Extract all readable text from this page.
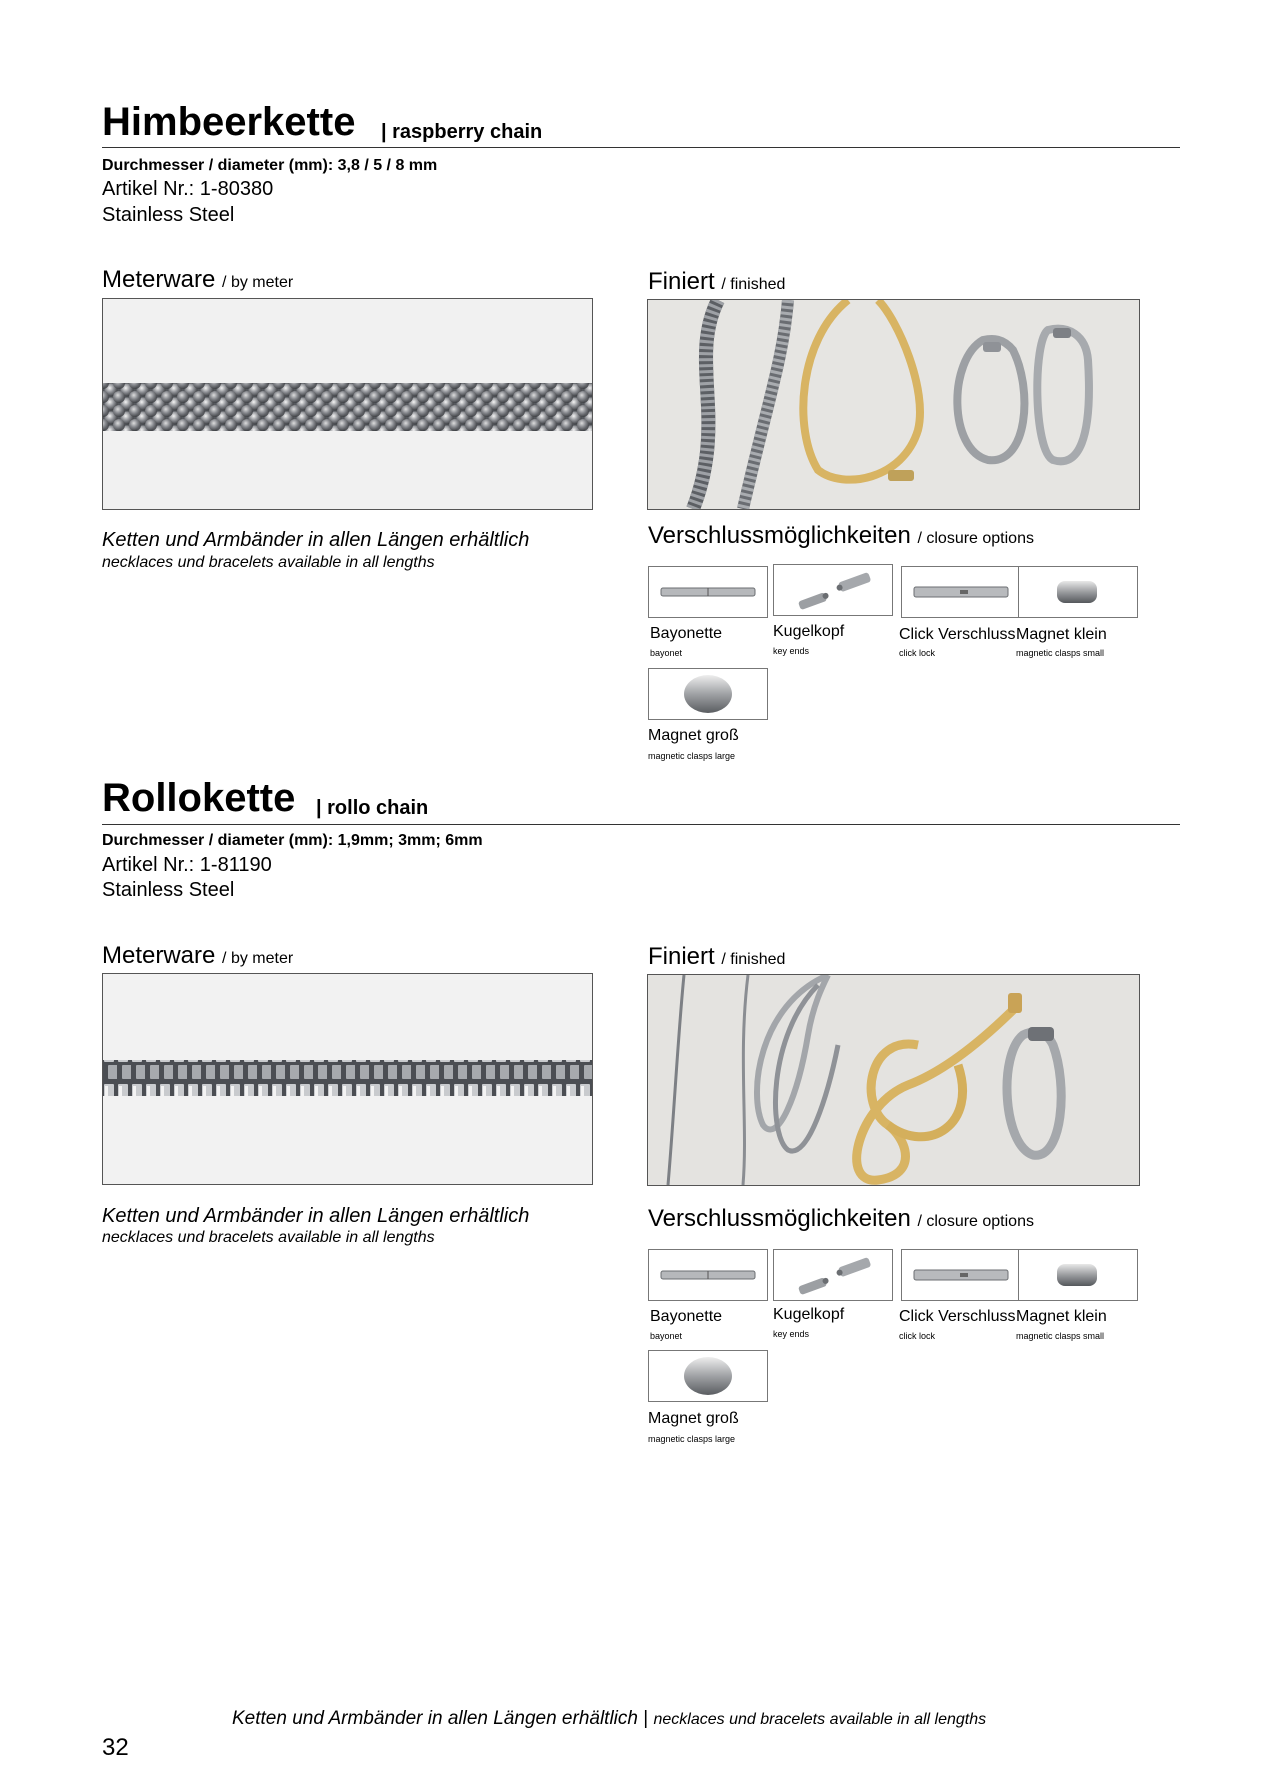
Himbeerkette | raspberry chain
Durchmesser / diameter (mm): 3,8 / 5 / 8 mm
Artikel Nr.: 1-80380
Stainless Steel
Meterware / by meter	Finiert / finished
Ketten und Armbänder in allen Längen erhältlich
necklaces und bracelets available in all lengths
Verschlussmöglichkeiten / closure options
Bayonette
bayonet
Kugelkopf
key ends
Click Verschluss
click lock
Magnet klein
magnetic clasps small
Magnet groß
magnetic clasps large
Rollokette | rollo chain
Durchmesser / diameter (mm): 1,9mm; 3mm; 6mm
Artikel Nr.: 1-81190
Stainless Steel
Meterware / by meter	Finiert / finished
Ketten und Armbänder in allen Längen erhältlich
necklaces und bracelets available in all lengths
Verschlussmöglichkeiten / closure options
Bayonette
bayonet
Kugelkopf
key ends
Click Verschluss
click lock
Magnet klein
magnetic clasps small
Magnet groß
magnetic clasps large
Ketten und Armbänder in allen Längen erhältlich | necklaces und bracelets available in all lengths
32
